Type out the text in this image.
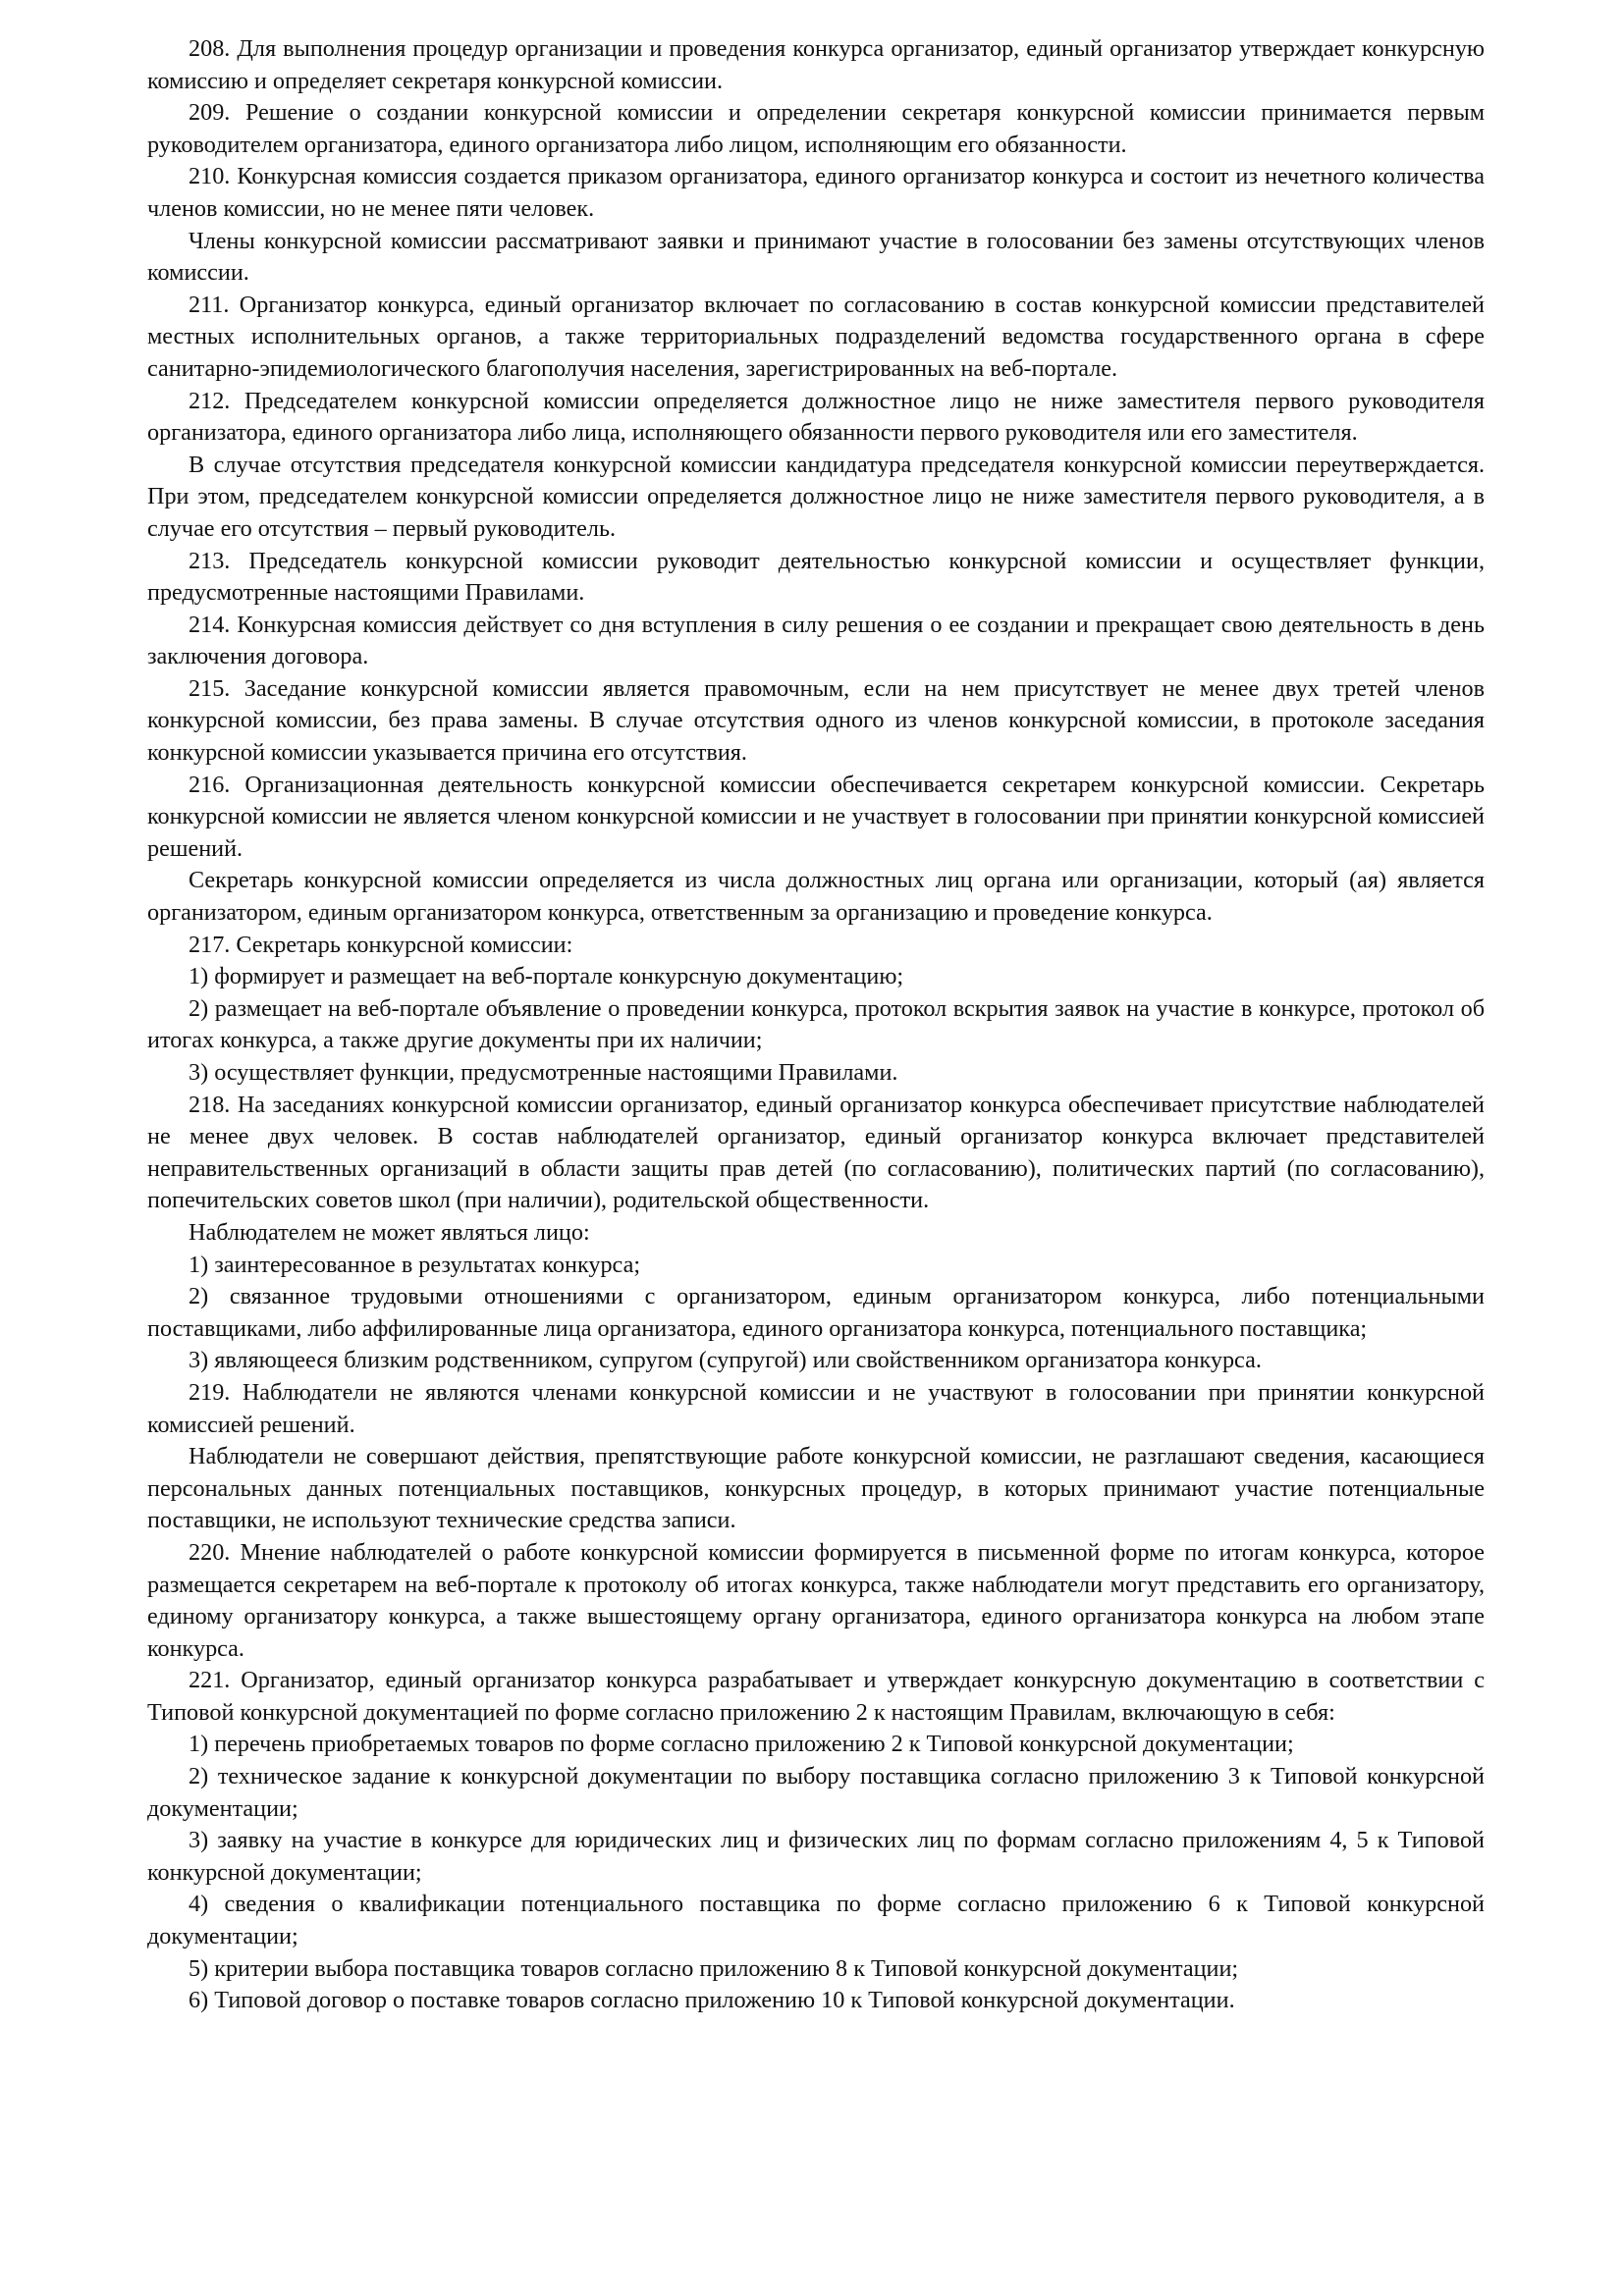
208. Для выполнения процедур организации и проведения конкурса организатор, единый организатор утверждает конкурсную комиссию и определяет секретаря конкурсной комиссии.

209. Решение о создании конкурсной комиссии и определении секретаря конкурсной комиссии принимается первым руководителем организатора, единого организатора либо лицом, исполняющим его обязанности.

210. Конкурсная комиссия создается приказом организатора, единого организатор конкурса и состоит из нечетного количества членов комиссии, но не менее пяти человек.

Члены конкурсной комиссии рассматривают заявки и принимают участие в голосовании без замены отсутствующих членов комиссии.

211. Организатор конкурса, единый организатор включает по согласованию в состав конкурсной комиссии представителей местных исполнительных органов, а также территориальных подразделений ведомства государственного органа в сфере санитарно-эпидемиологического благополучия населения, зарегистрированных на веб-портале.

212. Председателем конкурсной комиссии определяется должностное лицо не ниже заместителя первого руководителя организатора, единого организатора либо лица, исполняющего обязанности первого руководителя или его заместителя.

В случае отсутствия председателя конкурсной комиссии кандидатура председателя конкурсной комиссии переутверждается. При этом, председателем конкурсной комиссии определяется должностное лицо не ниже заместителя первого руководителя, а в случае его отсутствия – первый руководитель.

213. Председатель конкурсной комиссии руководит деятельностью конкурсной комиссии и осуществляет функции, предусмотренные настоящими Правилами.

214. Конкурсная комиссия действует со дня вступления в силу решения о ее создании и прекращает свою деятельность в день заключения договора.

215. Заседание конкурсной комиссии является правомочным, если на нем присутствует не менее двух третей членов конкурсной комиссии, без права замены. В случае отсутствия одного из членов конкурсной комиссии, в протоколе заседания конкурсной комиссии указывается причина его отсутствия.

216. Организационная деятельность конкурсной комиссии обеспечивается секретарем конкурсной комиссии. Секретарь конкурсной комиссии не является членом конкурсной комиссии и не участвует в голосовании при принятии конкурсной комиссией решений.

Секретарь конкурсной комиссии определяется из числа должностных лиц органа или организации, который (ая) является организатором, единым организатором конкурса, ответственным за организацию и проведение конкурса.

217. Секретарь конкурсной комиссии:

1) формирует и размещает на веб-портале конкурсную документацию;

2) размещает на веб-портале объявление о проведении конкурса, протокол вскрытия заявок на участие в конкурсе, протокол об итогах конкурса, а также другие документы при их наличии;

3) осуществляет функции, предусмотренные настоящими Правилами.

218. На заседаниях конкурсной комиссии организатор, единый организатор конкурса обеспечивает присутствие наблюдателей не менее двух человек. В состав наблюдателей организатор, единый организатор конкурса включает представителей неправительственных организаций в области защиты прав детей (по согласованию), политических партий (по согласованию), попечительских советов школ (при наличии), родительской общественности.

Наблюдателем не может являться лицо:

1) заинтересованное в результатах конкурса;

2) связанное трудовыми отношениями с организатором, единым организатором конкурса, либо потенциальными поставщиками, либо аффилированные лица организатора, единого организатора конкурса, потенциального поставщика;

3) являющееся близким родственником, супругом (супругой) или свойственником организатора конкурса.

219. Наблюдатели не являются членами конкурсной комиссии и не участвуют в голосовании при принятии конкурсной комиссией решений.

Наблюдатели не совершают действия, препятствующие работе конкурсной комиссии, не разглашают сведения, касающиеся персональных данных потенциальных поставщиков, конкурсных процедур, в которых принимают участие потенциальные поставщики, не используют технические средства записи.

220. Мнение наблюдателей о работе конкурсной комиссии формируется в письменной форме по итогам конкурса, которое размещается секретарем на веб-портале к протоколу об итогах конкурса, также наблюдатели могут представить его организатору, единому организатору конкурса, а также вышестоящему органу организатора, единого организатора конкурса на любом этапе конкурса.

221. Организатор, единый организатор конкурса разрабатывает и утверждает конкурсную документацию в соответствии с Типовой конкурсной документацией по форме согласно приложению 2 к настоящим Правилам, включающую в себя:

1) перечень приобретаемых товаров по форме согласно приложению 2 к Типовой конкурсной документации;

2) техническое задание к конкурсной документации по выбору поставщика согласно приложению 3 к Типовой конкурсной документации;

3) заявку на участие в конкурсе для юридических лиц и физических лиц по формам согласно приложениям 4, 5 к Типовой конкурсной документации;

4) сведения о квалификации потенциального поставщика по форме согласно приложению 6 к Типовой конкурсной документации;

5) критерии выбора поставщика товаров согласно приложению 8 к Типовой конкурсной документации;

6) Типовой договор о поставке товаров согласно приложению 10 к Типовой конкурсной документации.
